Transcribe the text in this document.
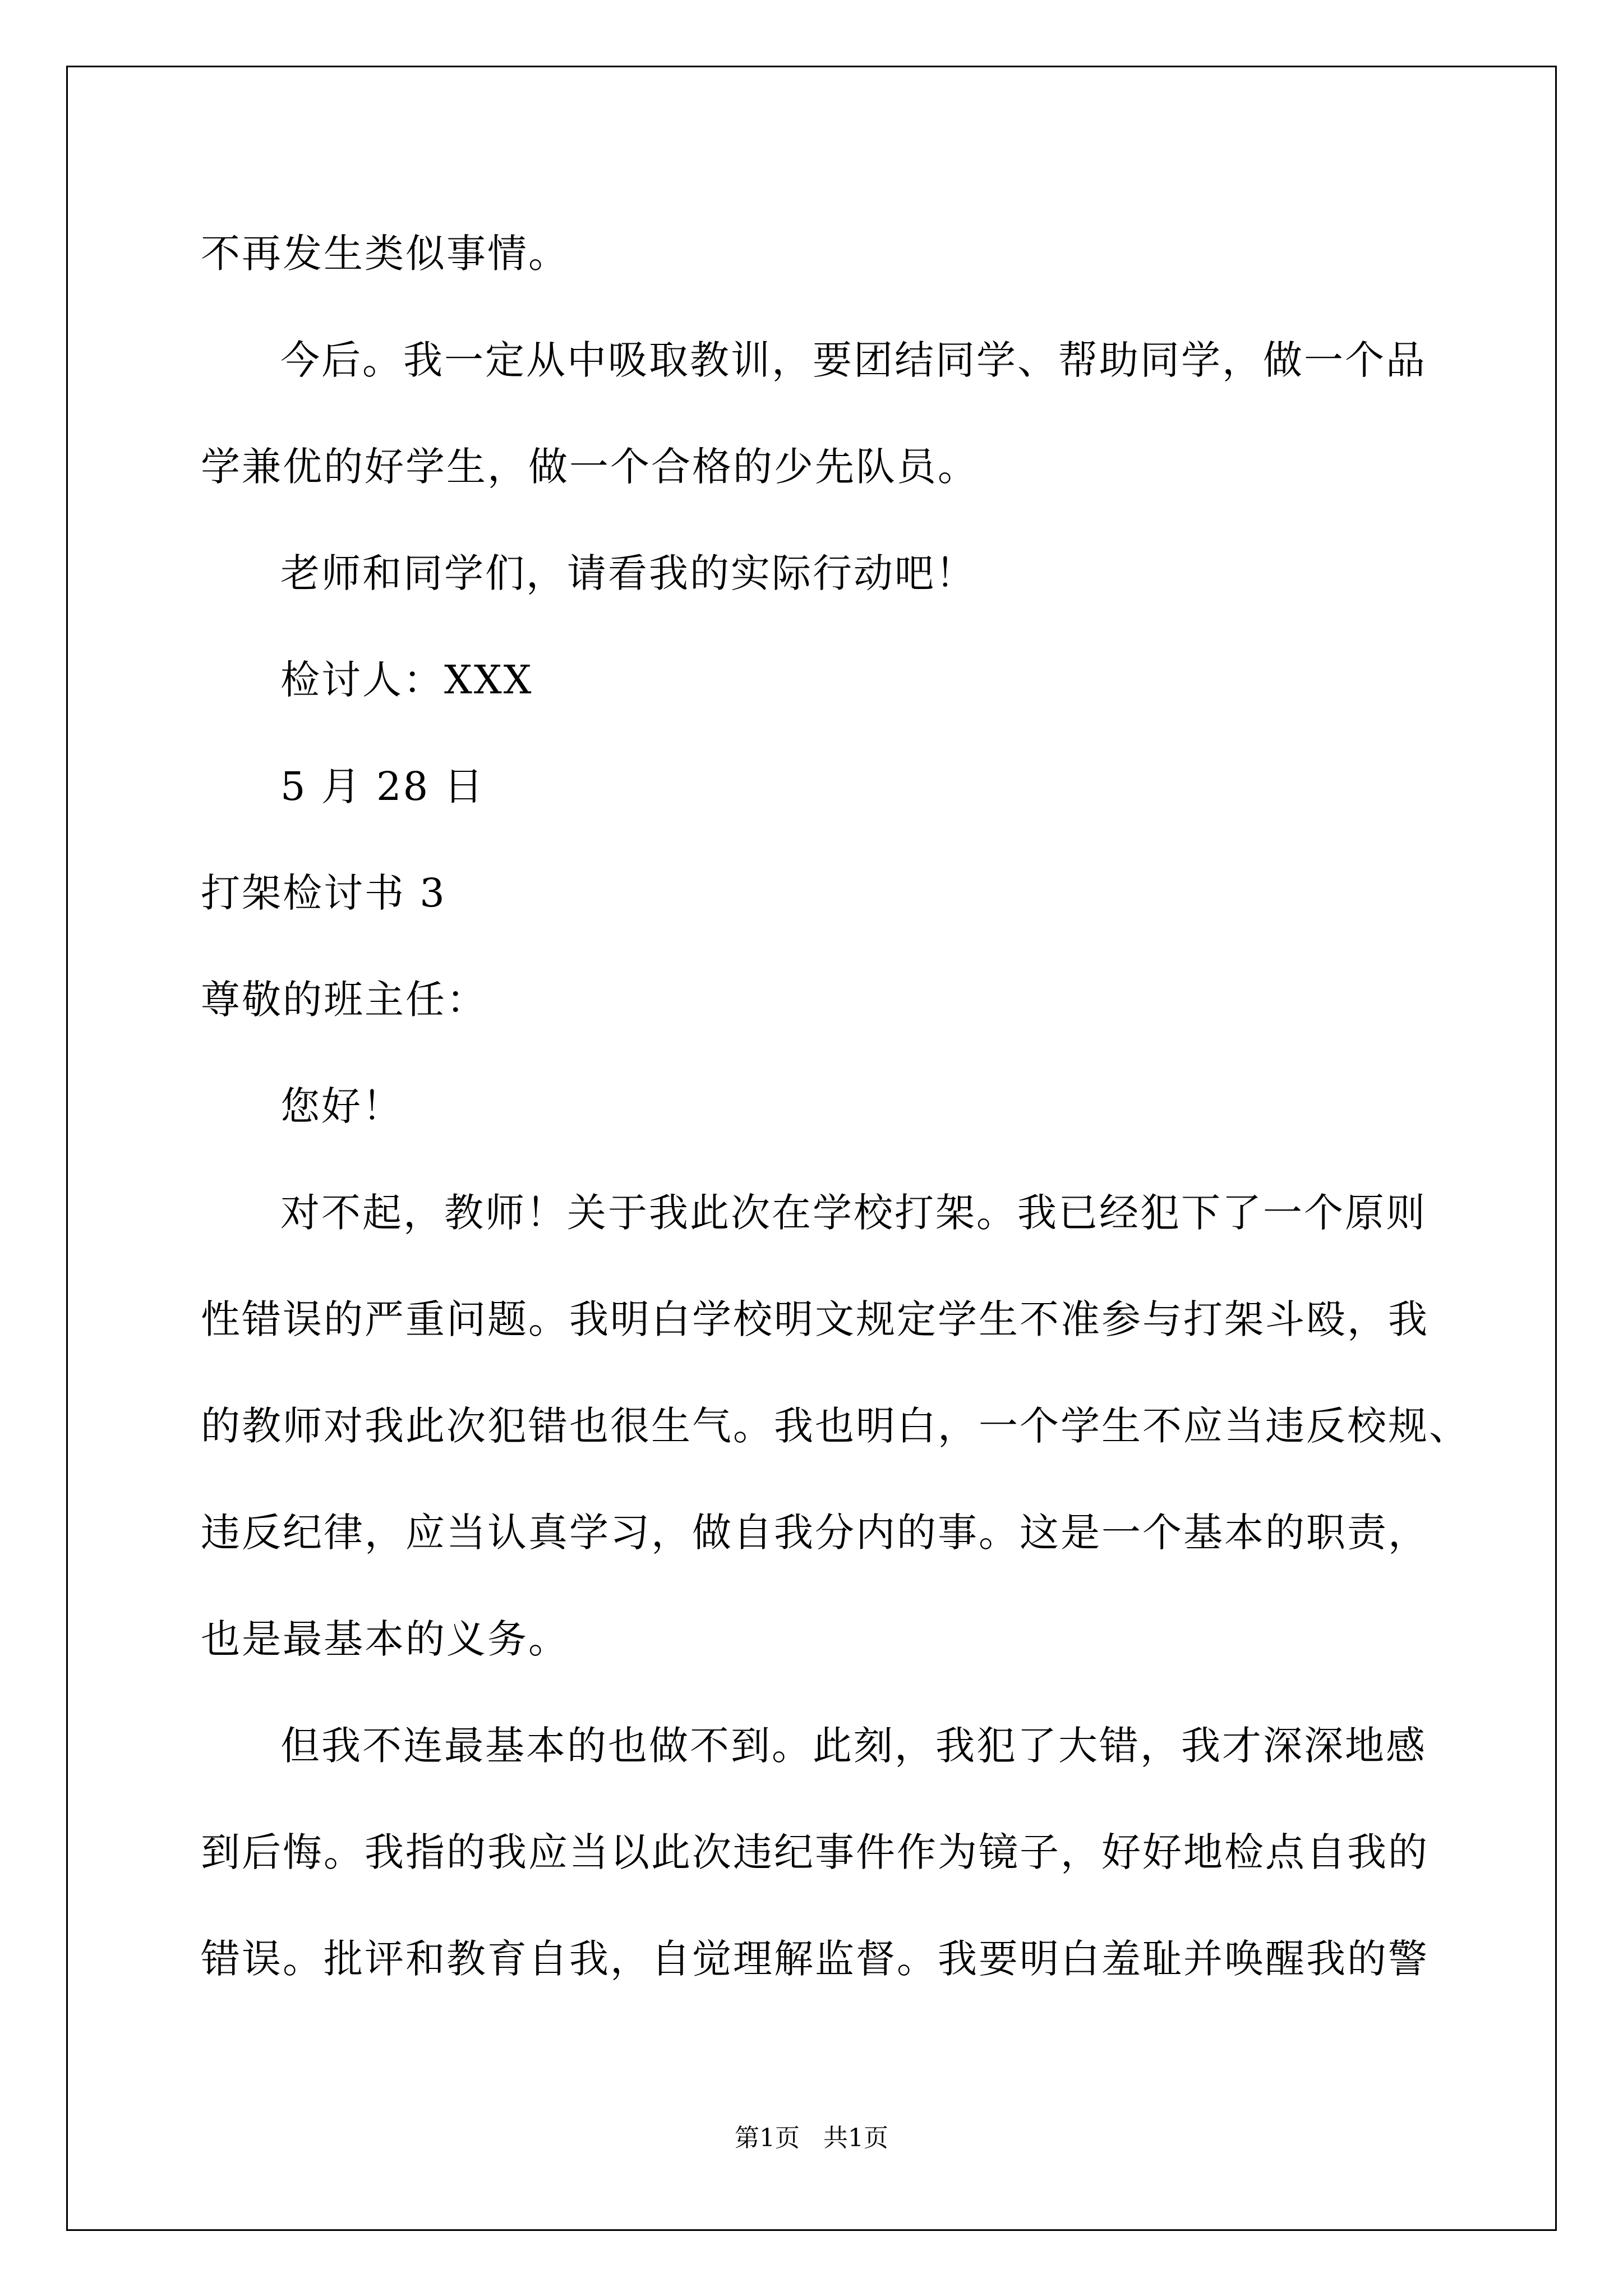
不再发生类似事情。
今后。我一定从中吸取教训，要团结同学、帮助同学，做一个品
学兼优的好学生，做一个合格的少先队员。
老师和同学们，请看我的实际行动吧！
检讨人：XXX
5 月 28 日
打架检讨书 3
尊敬的班主任：
您好！
对不起，教师！关于我此次在学校打架。我已经犯下了一个原则
性错误的严重问题。我明白学校明文规定学生不准参与打架斗殴，我
的教师对我此次犯错也很生气。我也明白，一个学生不应当违反校规、
违反纪律，应当认真学习，做自我分内的事。这是一个基本的职责，
也是最基本的义务。
但我不连最基本的也做不到。此刻，我犯了大错，我才深深地感
到后悔。我指的我应当以此次违纪事件作为镜子，好好地检点自我的
错误。批评和教育自我，自觉理解监督。我要明白羞耻并唤醒我的警
第1页   共1页
